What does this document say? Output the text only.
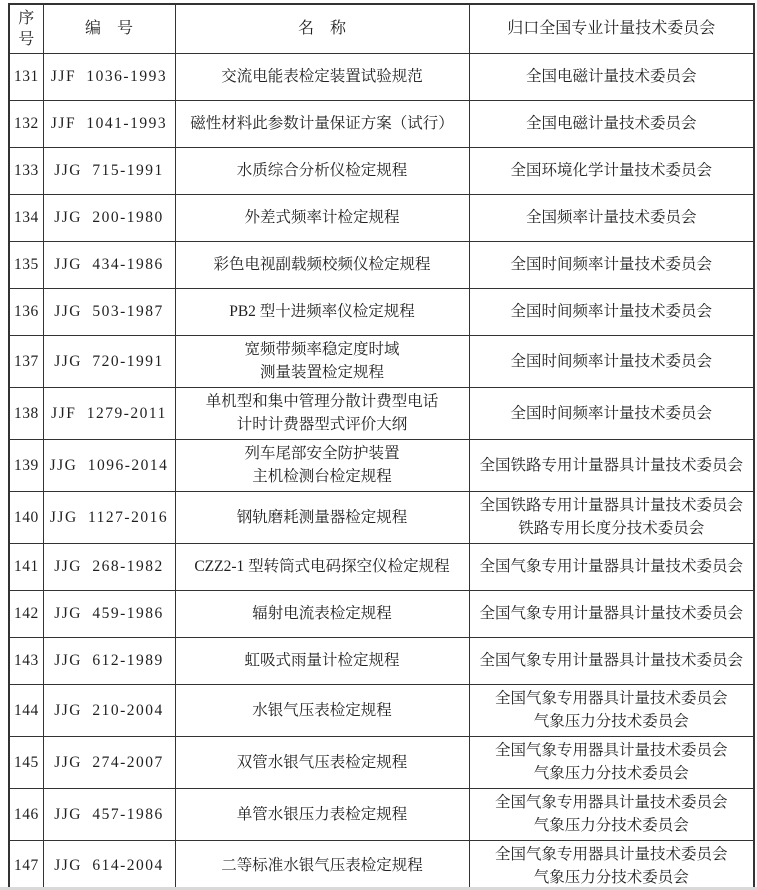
序
号	编　号	名　称	归口全国专业计量技术委员会
131	JJF 1036-1993	交流电能表检定装置试验规范	全国电磁计量技术委员会

132	JJF 1041-1993	磁性材料此参数计量保证方案（试行）	全国电磁计量技术委员会

133	JJG 715-1991	水质综合分析仪检定规程	全国环境化学计量技术委员会

134	JJG 200-1980	外差式频率计检定规程	全国频率计量技术委员会

135	JJG 434-1986	彩色电视副载频校频仪检定规程	全国时间频率计量技术委员会

136	JJG 503-1987	PB2 型十进频率仪检定规程	全国时间频率计量技术委员会

137	JJG 720-1991	宽频带频率稳定度时域
测量装置检定规程	全国时间频率计量技术委员会

138	JJF 1279-2011	单机型和集中管理分散计费型电话
计时计费器型式评价大纲	全国时间频率计量技术委员会

139	JJG 1096-2014	列车尾部安全防护装置
主机检测台检定规程	全国铁路专用计量器具计量技术委员会

140	JJG 1127-2016	钢轨磨耗测量器检定规程	全国铁路专用计量器具计量技术委员会
铁路专用长度分技术委员会

141	JJG 268-1982	CZZ2-1 型转筒式电码探空仪检定规程	全国气象专用计量器具计量技术委员会

142	JJG 459-1986	辐射电流表检定规程	全国气象专用计量器具计量技术委员会

143	JJG 612-1989	虹吸式雨量计检定规程	全国气象专用计量器具计量技术委员会

144	JJG 210-2004	水银气压表检定规程	全国气象专用器具计量技术委员会
气象压力分技术委员会

145	JJG 274-2007	双管水银气压表检定规程	全国气象专用器具计量技术委员会
气象压力分技术委员会

146	JJG 457-1986	单管水银压力表检定规程	全国气象专用器具计量技术委员会
气象压力分技术委员会

147	JJG 614-2004	二等标准水银气压表检定规程	全国气象专用器具计量技术委员会
气象压力分技术委员会
